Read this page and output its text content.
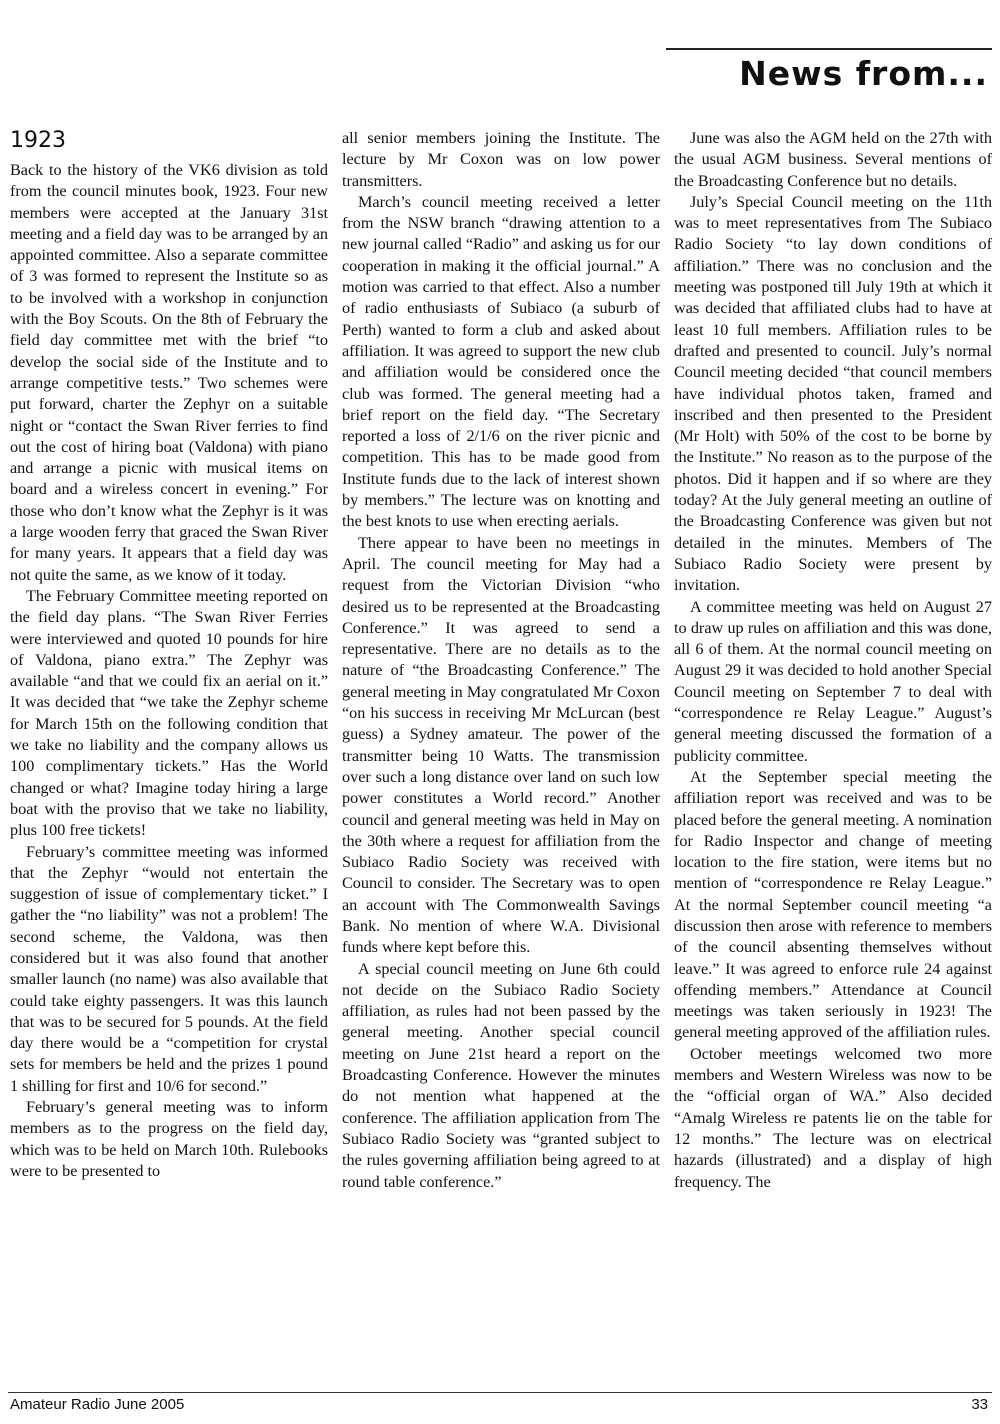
News from...
1923

Back to the history of the VK6 division as told from the council minutes book, 1923. Four new members were accepted at the January 31st meeting and a field day was to be arranged by an appointed committee. Also a separate committee of 3 was formed to represent the Institute so as to be involved with a workshop in conjunction with the Boy Scouts. On the 8th of February the field day committee met with the brief “to develop the social side of the Institute and to arrange competitive tests.” Two schemes were put forward, charter the Zephyr on a suitable night or “contact the Swan River ferries to find out the cost of hiring boat (Valdona) with piano and arrange a picnic with musical items on board and a wireless concert in evening.” For those who don’t know what the Zephyr is it was a large wooden ferry that graced the Swan River for many years. It appears that a field day was not quite the same, as we know of it today.

The February Committee meeting reported on the field day plans. “The Swan River Ferries were interviewed and quoted 10 pounds for hire of Valdona, piano extra.” The Zephyr was available “and that we could fix an aerial on it.” It was decided that “we take the Zephyr scheme for March 15th on the following condition that we take no liability and the company allows us 100 complimentary tickets.” Has the World changed or what? Imagine today hiring a large boat with the proviso that we take no liability, plus 100 free tickets!

February’s committee meeting was informed that the Zephyr “would not entertain the suggestion of issue of complementary ticket.” I gather the “no liability” was not a problem! The second scheme, the Valdona, was then considered but it was also found that another smaller launch (no name) was also available that could take eighty passengers. It was this launch that was to be secured for 5 pounds. At the field day there would be a “competition for crystal sets for members be held and the prizes 1 pound 1 shilling for first and 10/6 for second.”

February’s general meeting was to inform members as to the progress on the field day, which was to be held on March 10th. Rulebooks were to be presented to

all senior members joining the Institute. The lecture by Mr Coxon was on low power transmitters.

March’s council meeting received a letter from the NSW branch “drawing attention to a new journal called “Radio” and asking us for our cooperation in making it the official journal.” A motion was carried to that effect. Also a number of radio enthusiasts of Subiaco (a suburb of Perth) wanted to form a club and asked about affiliation. It was agreed to support the new club and affiliation would be considered once the club was formed. The general meeting had a brief report on the field day. “The Secretary reported a loss of 2/1/6 on the river picnic and competition. This has to be made good from Institute funds due to the lack of interest shown by members.” The lecture was on knotting and the best knots to use when erecting aerials.

There appear to have been no meetings in April. The council meeting for May had a request from the Victorian Division “who desired us to be represented at the Broadcasting Conference.” It was agreed to send a representative. There are no details as to the nature of “the Broadcasting Conference.” The general meeting in May congratulated Mr Coxon “on his success in receiving Mr McLurcan (best guess) a Sydney amateur. The power of the transmitter being 10 Watts. The transmission over such a long distance over land on such low power constitutes a World record.” Another council and general meeting was held in May on the 30th where a request for affiliation from the Subiaco Radio Society was received with Council to consider. The Secretary was to open an account with The Commonwealth Savings Bank. No mention of where W.A. Divisional funds where kept before this.

A special council meeting on June 6th could not decide on the Subiaco Radio Society affiliation, as rules had not been passed by the general meeting. Another special council meeting on June 21st heard a report on the Broadcasting Conference. However the minutes do not mention what happened at the conference. The affiliation application from The Subiaco Radio Society was “granted subject to the rules governing affiliation being agreed to at round table conference.”

June was also the AGM held on the 27th with the usual AGM business. Several mentions of the Broadcasting Conference but no details.

July’s Special Council meeting on the 11th was to meet representatives from The Subiaco Radio Society “to lay down conditions of affiliation.” There was no conclusion and the meeting was postponed till July 19th at which it was decided that affiliated clubs had to have at least 10 full members. Affiliation rules to be drafted and presented to council. July’s normal Council meeting decided “that council members have individual photos taken, framed and inscribed and then presented to the President (Mr Holt) with 50% of the cost to be borne by the Institute.” No reason as to the purpose of the photos. Did it happen and if so where are they today? At the July general meeting an outline of the Broadcasting Conference was given but not detailed in the minutes. Members of The Subiaco Radio Society were present by invitation.

A committee meeting was held on August 27 to draw up rules on affiliation and this was done, all 6 of them. At the normal council meeting on August 29 it was decided to hold another Special Council meeting on September 7 to deal with “correspondence re Relay League.” August’s general meeting discussed the formation of a publicity committee.

At the September special meeting the affiliation report was received and was to be placed before the general meeting. A nomination for Radio Inspector and change of meeting location to the fire station, were items but no mention of “correspondence re Relay League.” At the normal September council meeting “a discussion then arose with reference to members of the council absenting themselves without leave.” It was agreed to enforce rule 24 against offending members.” Attendance at Council meetings was taken seriously in 1923! The general meeting approved of the affiliation rules.

October meetings welcomed two more members and Western Wireless was now to be the “official organ of WA.” Also decided “Amalg Wireless re patents lie on the table for 12 months.” The lecture was on electrical hazards (illustrated) and a display of high frequency. The

Amateur Radio June 2005	33
